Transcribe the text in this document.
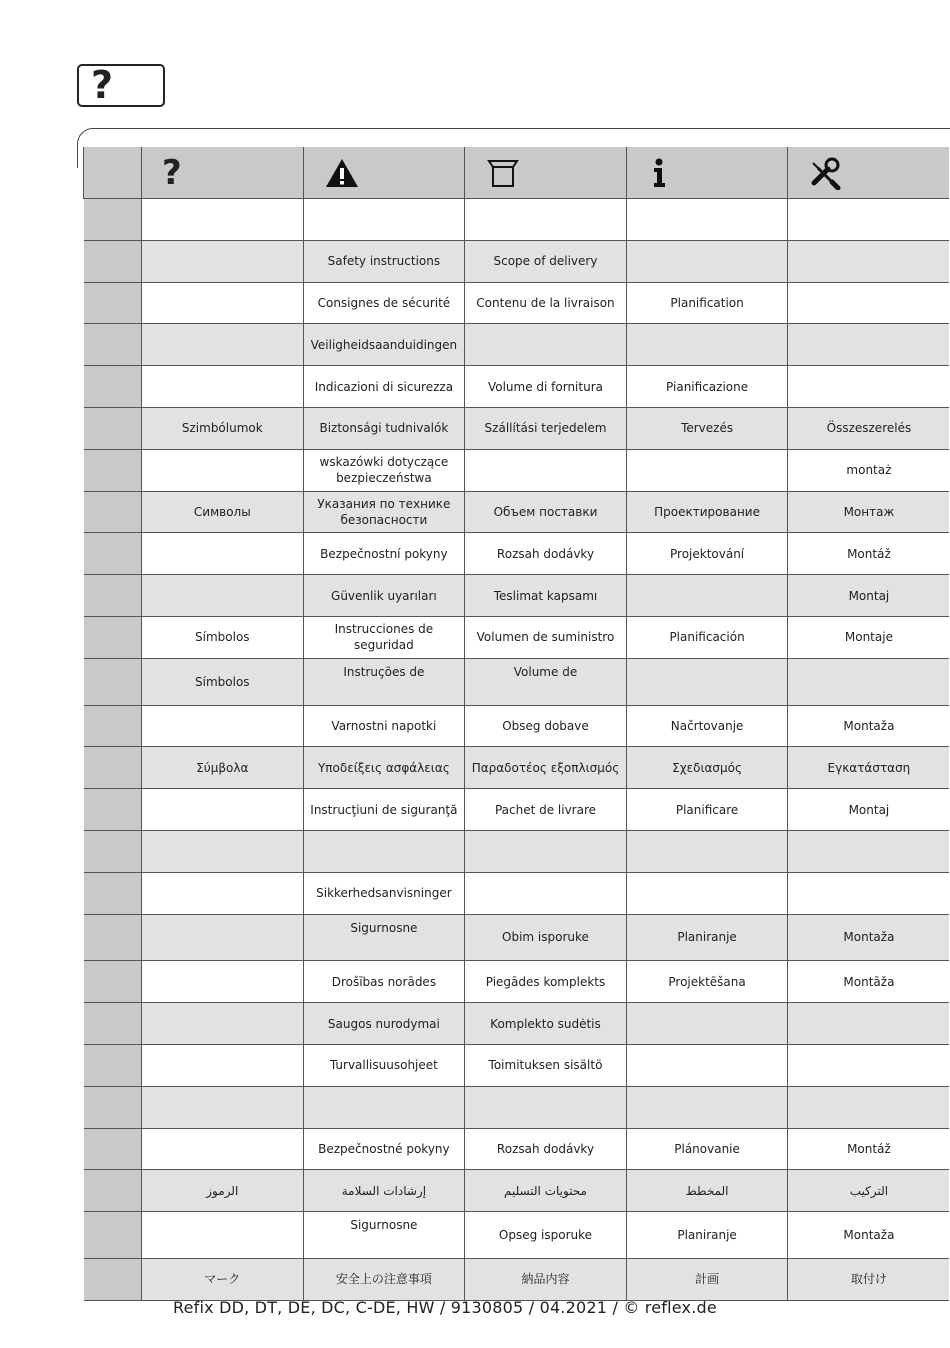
?
	?				

		Safety instructions	Scope of delivery		
		Consignes de sécurité	Contenu de la livraison	Planification	
		Veiligheidsaanduidingen			
		Indicazioni di sicurezza	Volume di fornitura	Pianificazione	
	Szimbólumok	Biztonsági tudnivalók	Szállítási terjedelem	Tervezés	Összeszerelés
		wskazówki dotyczące bezpieczeństwa			montaż
	Символы	Указания по технике безопасности	Объем поставки	Проектирование	Монтаж
		Bezpečnostní pokyny	Rozsah dodávky	Projektování	Montáž
		Güvenlik uyarıları	Teslimat kapsamı		Montaj
	Símbolos	Instrucciones de seguridad	Volumen de suministro	Planificación	Montaje
	Símbolos	Instruções de	Volume de		
		Varnostni napotki	Obseg dobave	Načrtovanje	Montaža
	Σύμβολα	Υποδείξεις ασφάλειας	Παραδοτέος εξοπλισμός	Σχεδιασμός	Εγκατάσταση
		Instrucţiuni de siguranţă	Pachet de livrare	Planificare	Montaj

		Sikkerhedsanvisninger			
		Sigurnosne	Obim isporuke	Planiranje	Montaža
		Drošības norādes	Piegādes komplekts	Projektēšana	Montāža
		Saugos nurodymai	Komplekto sudėtis		
		Turvallisuusohjeet	Toimituksen sisältö		

		Bezpečnostné pokyny	Rozsah dodávky	Plánovanie	Montáž
	الرموز	إرشادات السلامة	محتويات التسليم	المخطط	التركيب
		Sigurnosne	Opseg isporuke	Planiranje	Montaža
	マーク	安全上の注意事項	納品内容	計画	取付け
Refix DD, DT, DE, DC, C-DE, HW / 9130805 / 04.2021 / © reflex.de
